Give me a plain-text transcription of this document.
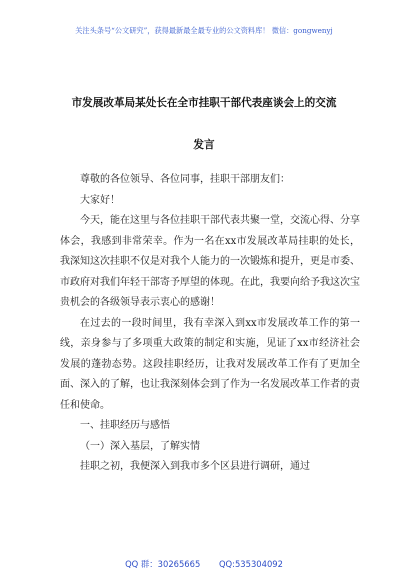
关注头条号“公文研究”，获得最新最全最专业的公文资料库！ 微信：gongwenyj
市发展改革局某处长在全市挂职干部代表座谈会上的交流
发言

尊敬的各位领导、各位同事，挂职干部朋友们：

大家好！

今天，能在这里与各位挂职干部代表共聚一堂，交流心得、分享体会，我感到非常荣幸。作为一名在xx市发展改革局挂职的处长，我深知这次挂职不仅是对我个人能力的一次锻炼和提升，更是市委、市政府对我们年轻干部寄予厚望的体现。在此，我要向给予我这次宝贵机会的各级领导表示衷心的感谢！

在过去的一段时间里，我有幸深入到xx市发展改革工作的第一线，亲身参与了多项重大政策的制定和实施，见证了xx市经济社会发展的蓬勃态势。这段挂职经历，让我对发展改革工作有了更加全面、深入的了解，也让我深刻体会到了作为一名发展改革工作者的责任和使命。

一、挂职经历与感悟

（一）深入基层，了解实情

挂职之初，我便深入到我市多个区县进行调研，通过

QQ 群：30265665 QQ:535304092
